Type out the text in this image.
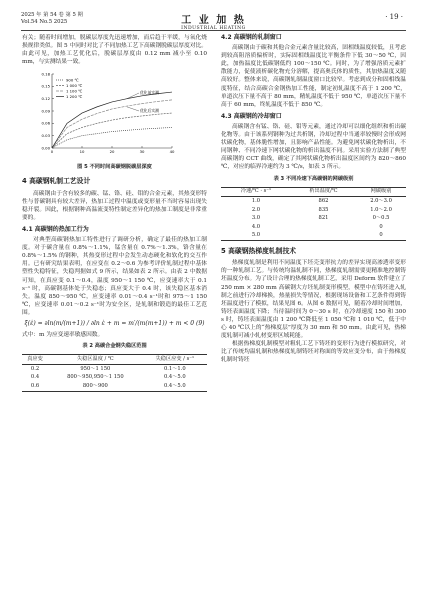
2025 年 第 54 卷 第 5 期
Vol.54 No.5 2025	工 业 加 热
INDUSTRIAL HEATING
· 19 ·

有关；随着时间增加，脱碳层厚度先迅速增加，而后趋于平缓，与氧化烧损规律类似。图 5 中同时对比了不同加热工艺下高碳钢脱碳层厚度对比。由此可见，加热工艺优化后，脱碳层厚度由 0.12 mm 减小至 0.10 mm，与实测结果一致。

0	10	20	30	40
0.00
0.03
0.06
0.09
0.12
0.15
0.18
900 ℃
1 000 ℃
1 100 ℃
1 200 ℃
优化前实测
优化后实测
图 5 不同时间高碳钢脱碳层深度
4 高碳钢轧制工艺设计

高碳钢由于含有较多的碳、锰、铬、硅、钼的合金元素，其热变形特性与普碳钢具有较大差异，热加工过程中温度或变形量不当时容易出现失稳开裂。因此，根据钢种高温流变特性制定差异化的热加工制度是非常重要的。

4.1 高碳钢的热加工行为

对典型高碳钢热加工特性进行了调研分析，确定了最佳的热加工制度。对于碳含量在 0.8%～1.1%，锰含量在 0.7%～1.3%，铬含量在 0.8%～1.5% 的钢种，其热变形过程中会发生动态硬化和软化的交互作用。已有研究结果表明，在应变在 0.2～0.6 为参考评价轧制过程中基体塑性失稳特征，失稳判据如式 9 所示，结果如表 2 所示。由表 2 中数据可知，在真应变 0.1～0.4，温度 950～1 150 ℃，应变速率大于 0.1 s⁻¹ 时，高碳钢基体处于失稳态；真应变大于 0.4 时，该失稳区基本消失。温度 850～950 ℃，应变速率 0.01～0.4 s⁻¹时和 975～1 150 ℃，应变速率 0.01～0.2 s⁻¹时为安全区，是轧制和锻造的最佳工艺范围。

ξ(ε̇) = ∂ln(m/(m+1)) / ∂ln ε̇ + m = m′/(m(m+1)) + m < 0 (9)

式中：m 为应变速率敏感因数。

表 2 高碳合金钢失稳区范围
真应变	失稳区温度 / ℃	失稳区应变 / s⁻¹
0.2	950～1 150	0.1～1.0
0.4	800～950,950～1 150	0.4～5.0
0.6	800～900	0.4～5.0
4.2 高碳钢的轧制窗口

高碳钢由于碳和其他合金元素含量比较高，固相线温度较低，且考虑到较高阻溶质偏析时，实际固相线温度比平衡条件下低 30～50 ℃，因此，加热温度比低碳钢低约 100～150 ℃。同时，为了增强溶质元素扩散能力，促使液析碳化物充分溶解，提高奥氏体的质性，其加热温度又随高较好。整体来说，高碳钢轧制温度窗口比较窄。考虑到成分和固相线温度特征，结合高碳合金钢热加工性能，制定初轧温度不高于 1 200 ℃，单道次压下量不高于 80 mm，精轧温度不低于 950 ℃，单道次压下量不高于 60 mm，终轧温度不低于 850 ℃。

4.3 高碳钢的冷却窗口

高碳钢含有锰、铬、硅、钼等元素，通过冷却可以细化组织和析出碳化物等。由于该系列钢种为过共析钢，冷却过程中当通率较慢时会形成网状碳化物，基体脆性增加，且影响产品性能。为避免网状碳化物析出，不同钢种、不同冷速下网状碳化物的析出温度不同。采用实验方法制了典型高碳钢的 CCT 曲线，确定了其网状碳化物析出温度区间约为 820～860 ℃，对应的临界冷速约为 3 ℃/s，如表 3 所示。

表 3 不同冷速下高碳钢的网碳级别
冷速/℃ · s⁻¹	析出温度/℃	网碳级别
1.0	862	2.0～3.0
2.0	835	1.0～2.0
3.0	821	0～0.5
4.0		0
5.0		0
5 高碳钢热梯度轧制技术

热梯度轧制是利用不同温度下坯壳变形抗力的差异实现高渗透率变形的一种轧制工艺。与传统均温轧制不同，热梯度轧制需要更精准地控制铸坯温度分布。为了设计合理的热梯度轧制工艺，采用 Deform 软件建立了 250 mm × 280 mm 高碳钢大方坯轧制变形模型，模型中在铸坯进入轧制之前进行冷却梯换，热量损失等情况，根据现场设备和工艺条件得到铸坯温度进行了模拟，结果见图 6。从图 6 数据可见，随着冷却时间增加，铸坯表面温度下降；当待温时间为 0～30 s 时，在冷却速度 150 和 300 s 时，铸坯表面温度由 1 200 ℃降低至 1 050 ℃和 1 010 ℃，低于中心 40 ℃以上的“热梯度层”厚度为 30 mm 和 50 mm。由此可见，热梯度轧制可减小轧材变形区域耗能。

根据热梯度轧制模型对粗轧工艺下铸坯的变形行为进行模拟研究，对比了传统均温轧制和热梯度轧制铸坯对称面的等效应变分布，由于热梯度轧制时铸坯
